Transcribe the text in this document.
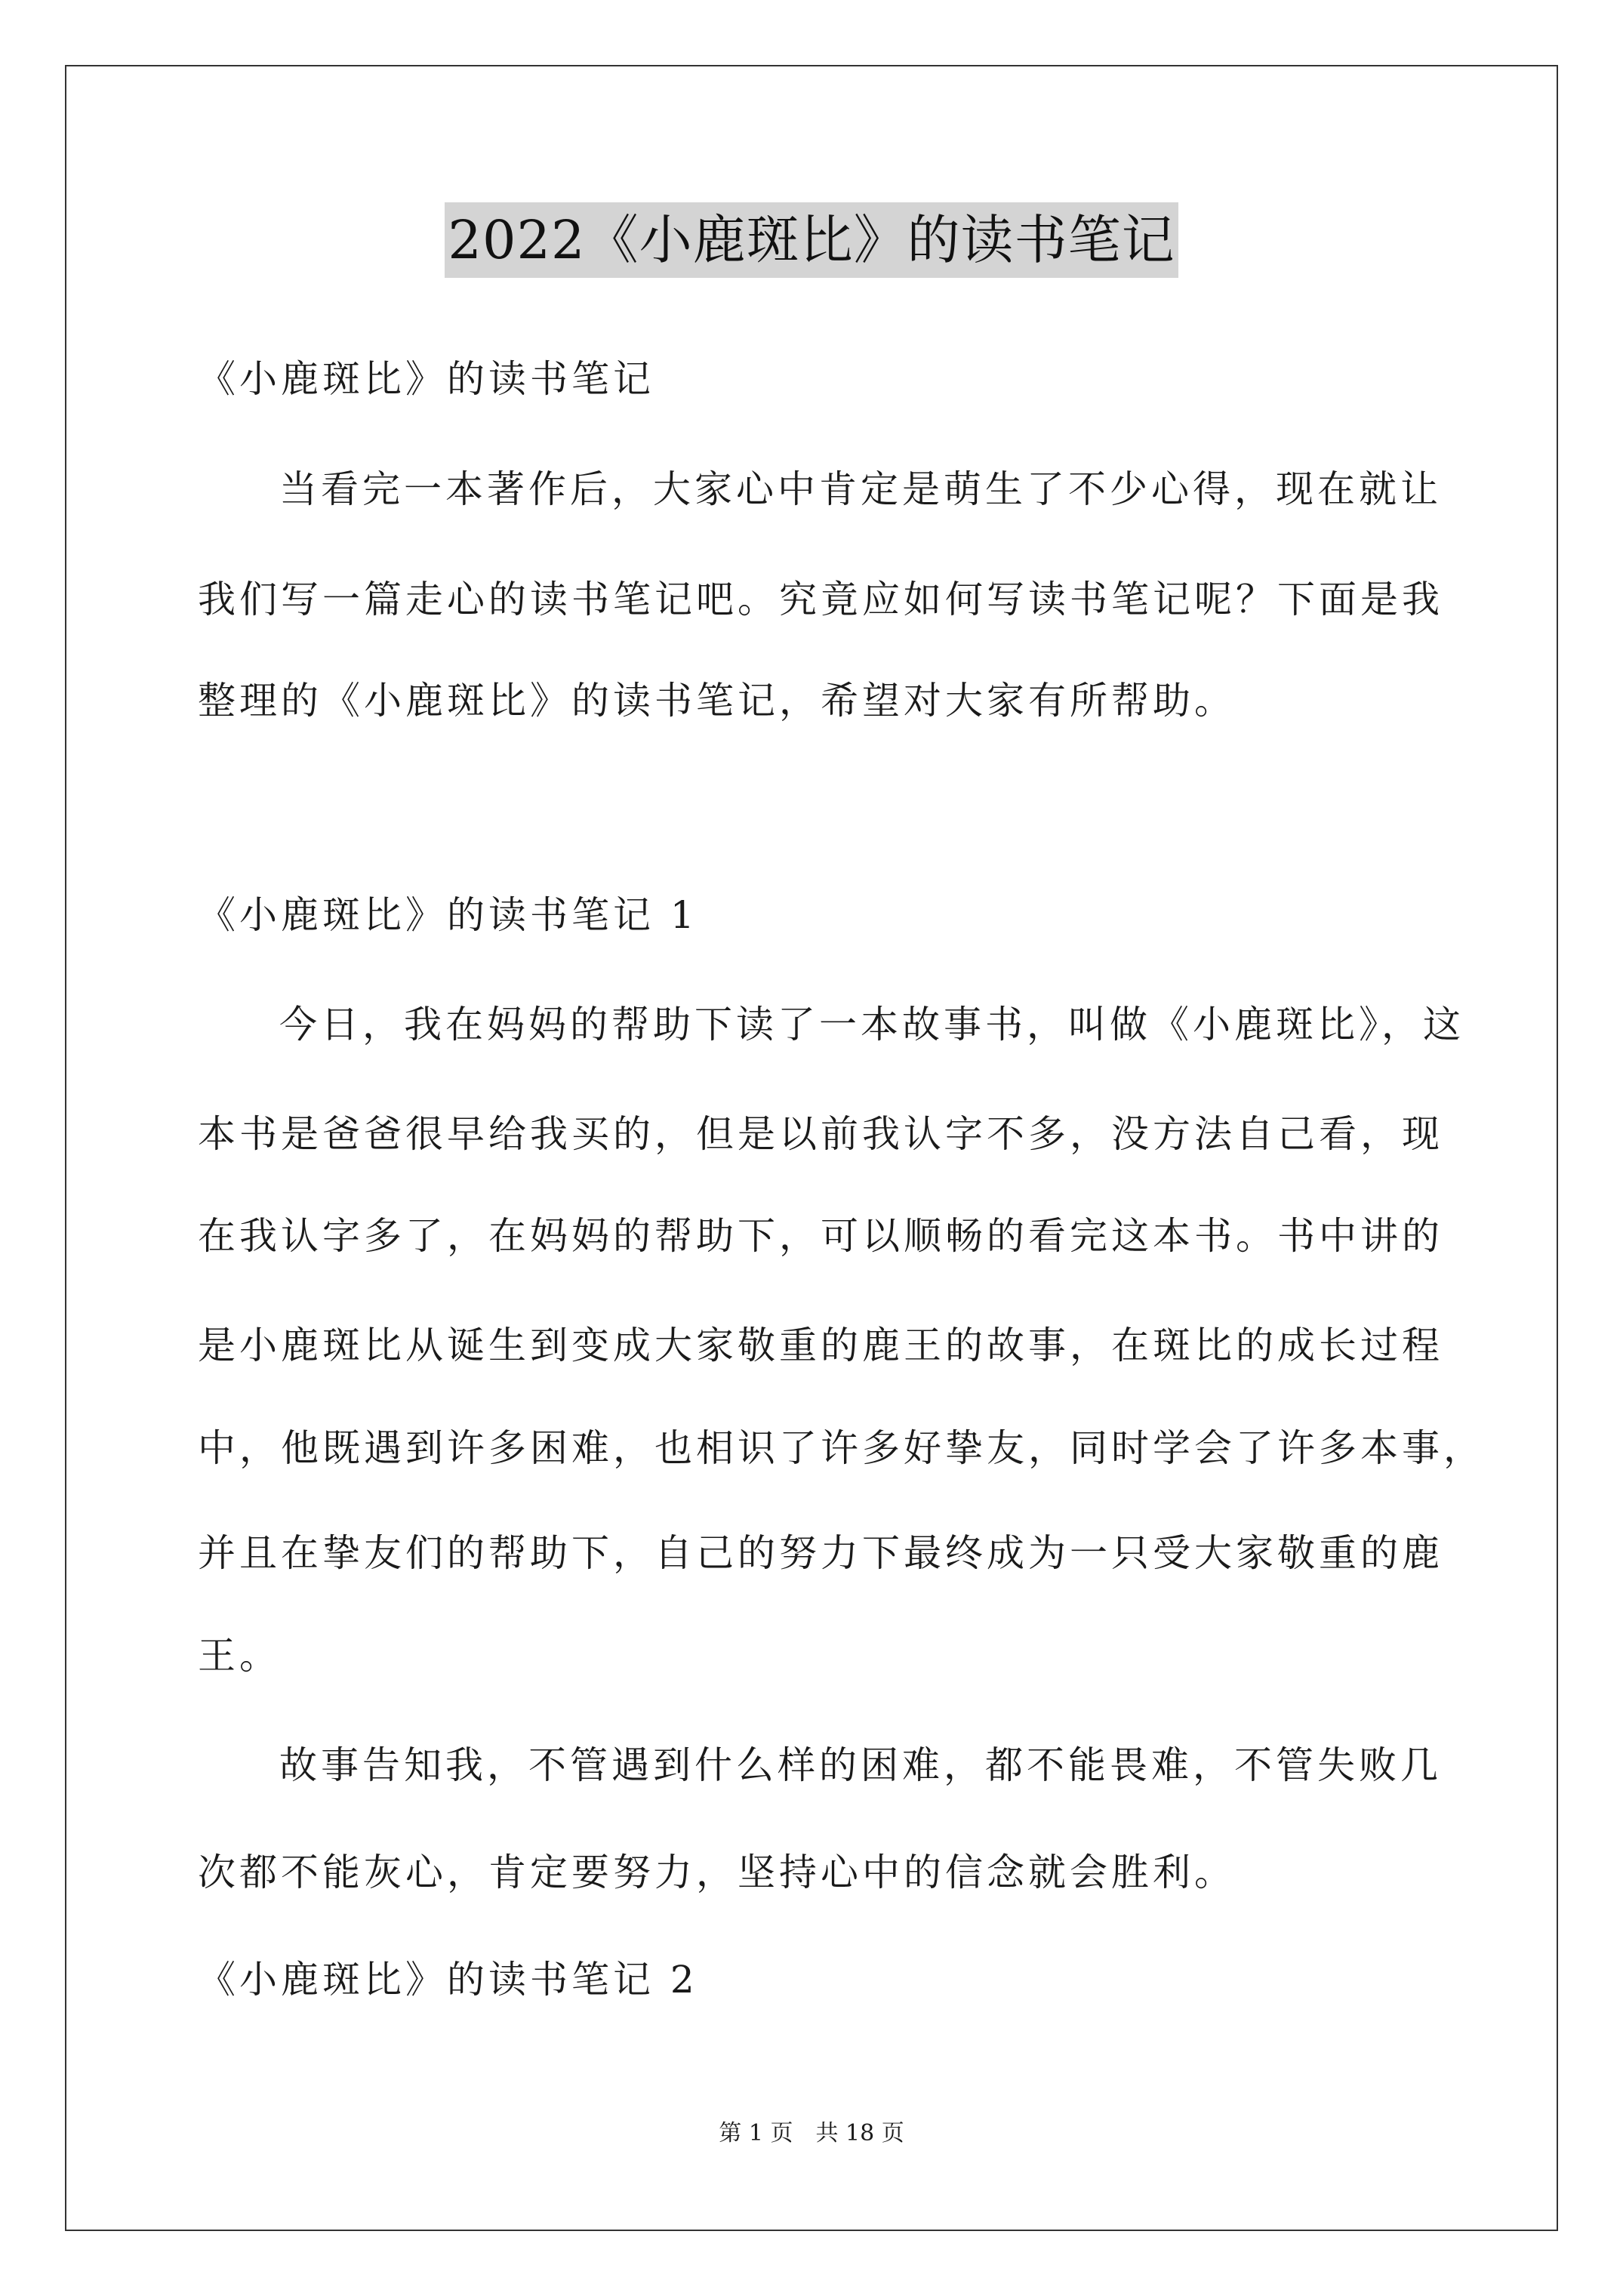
2022《小鹿斑比》的读书笔记
《小鹿斑比》的读书笔记
当看完一本著作后，大家心中肯定是萌生了不少心得，现在就让
我们写一篇走心的读书笔记吧。究竟应如何写读书笔记呢？下面是我
整理的《小鹿斑比》的读书笔记，希望对大家有所帮助。
《小鹿斑比》的读书笔记 1
今日，我在妈妈的帮助下读了一本故事书，叫做《小鹿斑比》，这
本书是爸爸很早给我买的，但是以前我认字不多，没方法自己看，现
在我认字多了，在妈妈的帮助下，可以顺畅的看完这本书。书中讲的
是小鹿斑比从诞生到变成大家敬重的鹿王的故事，在斑比的成长过程
中，他既遇到许多困难，也相识了许多好挚友，同时学会了许多本事，
并且在挚友们的帮助下，自己的努力下最终成为一只受大家敬重的鹿
王。
故事告知我，不管遇到什么样的困难，都不能畏难，不管失败几
次都不能灰心，肯定要努力，坚持心中的信念就会胜利。
《小鹿斑比》的读书笔记 2
第 1 页　共 18 页
